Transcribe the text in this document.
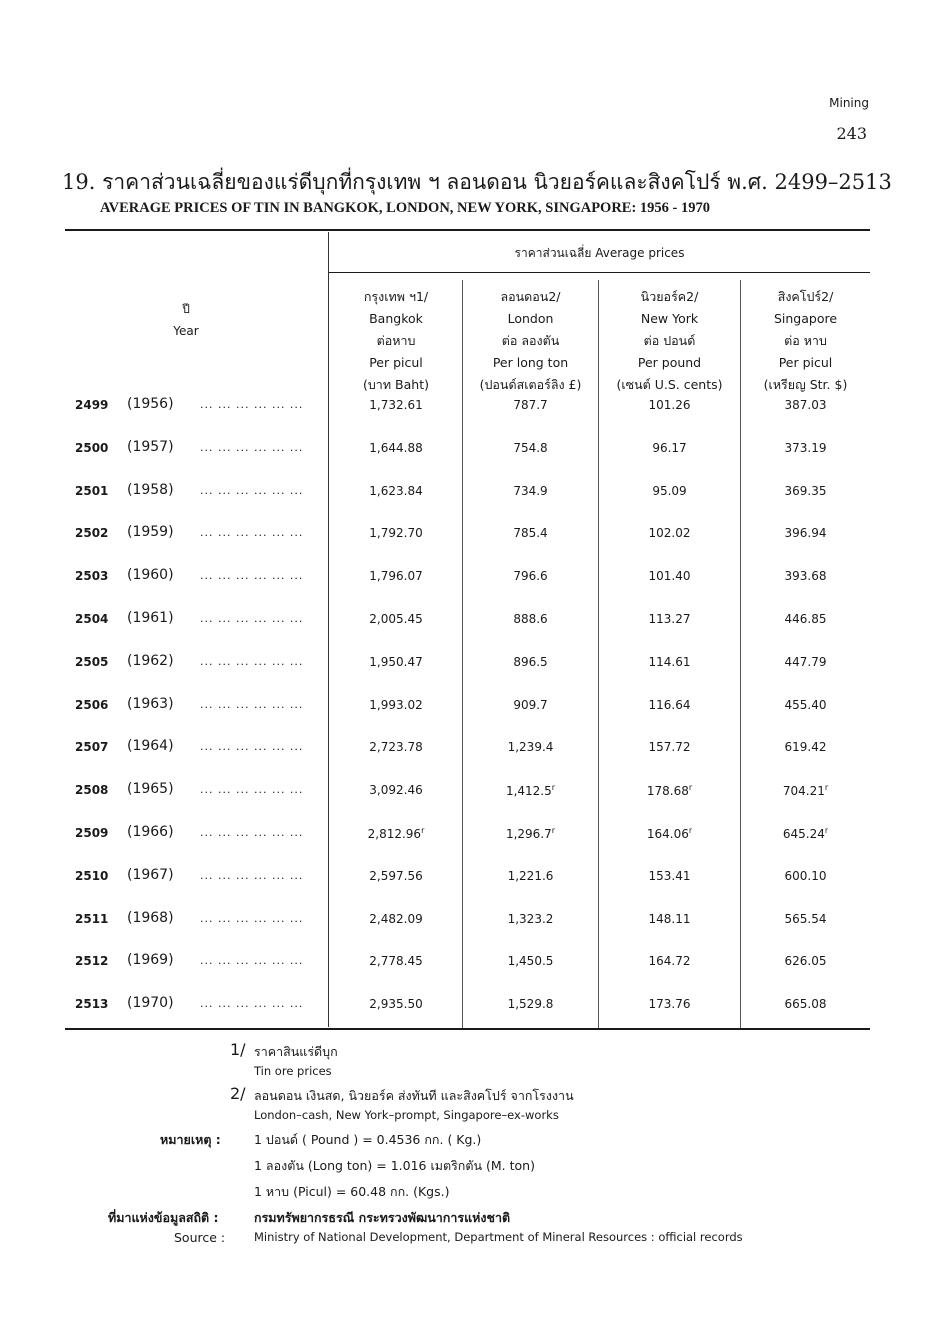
Mining
243
19. ราคาส่วนเฉลี่ยของแร่ดีบุกที่กรุงเทพ ฯ ลอนดอน นิวยอร์คและสิงคโปร์ พ.ศ. 2499–2513
AVERAGE PRICES OF TIN IN BANGKOK, LONDON, NEW YORK, SINGAPORE: 1956 - 1970
ราคาส่วนเฉลี่ย Average prices
ปี
Year
กรุงเทพ ฯ1/
Bangkok
ต่อหาบ
Per picul
(บาท Baht)
ลอนดอน2/
London
ต่อ ลองตัน
Per long ton
(ปอนด์สเตอร์ลิง £)
นิวยอร์ค2/
New York
ต่อ ปอนด์
Per pound
(เซนต์ U.S. cents)
สิงคโปร์2/
Singapore
ต่อ หาบ
Per picul
(เหรียญ Str. $)
2499	(1956)	... ... ... ... ... ...	1,732.61	787.7	101.26	387.03
2500	(1957)	... ... ... ... ... ...	1,644.88	754.8	96.17	373.19
2501	(1958)	... ... ... ... ... ...	1,623.84	734.9	95.09	369.35
2502	(1959)	... ... ... ... ... ...	1,792.70	785.4	102.02	396.94
2503	(1960)	... ... ... ... ... ...	1,796.07	796.6	101.40	393.68
2504	(1961)	... ... ... ... ... ...	2,005.45	888.6	113.27	446.85
2505	(1962)	... ... ... ... ... ...	1,950.47	896.5	114.61	447.79
2506	(1963)	... ... ... ... ... ...	1,993.02	909.7	116.64	455.40
2507	(1964)	... ... ... ... ... ...	2,723.78	1,239.4	157.72	619.42
2508	(1965)	... ... ... ... ... ...	3,092.46	1,412.5$^r$	178.68$^r$	704.21$^r$
2509	(1966)	... ... ... ... ... ...	2,812.96$^r$	1,296.7$^r$	164.06$^r$	645.24$^r$
2510	(1967)	... ... ... ... ... ...	2,597.56	1,221.6	153.41	600.10
2511	(1968)	... ... ... ... ... ...	2,482.09	1,323.2	148.11	565.54
2512	(1969)	... ... ... ... ... ...	2,778.45	1,450.5	164.72	626.05
2513	(1970)	... ... ... ... ... ...	2,935.50	1,529.8	173.76	665.08
1/ ราคาสินแร่ดีบุก
Tin ore prices
2/ ลอนดอน เงินสด, นิวยอร์ค ส่งทันที และสิงคโปร์ จากโรงงาน
London–cash, New York–prompt, Singapore–ex-works
หมายเหตุ :	1 ปอนด์ ( Pound ) = 0.4536 กก. ( Kg.)
1 ลองตัน (Long ton) = 1.016 เมตริกตัน (M. ton)
1 หาบ (Picul) = 60.48 กก. (Kgs.)
ที่มาแห่งข้อมูลสถิติ :	กรมทรัพยากรธรณี กระทรวงพัฒนาการแห่งชาติ
Source :	Ministry of National Development, Department of Mineral Resources : official records
